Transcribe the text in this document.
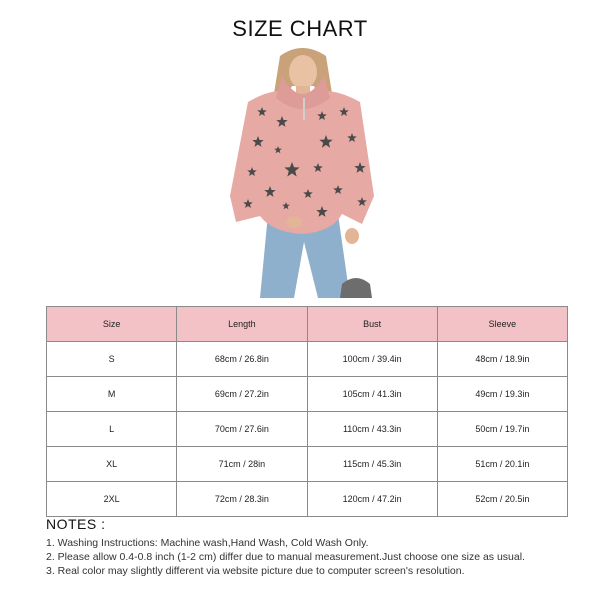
SIZE CHART
Size	Length	Bust	Sleeve
S	68cm / 26.8in	100cm / 39.4in	48cm / 18.9in
M	69cm / 27.2in	105cm / 41.3in	49cm / 19.3in
L	70cm / 27.6in	110cm / 43.3in	50cm / 19.7in
XL	71cm / 28in	115cm / 45.3in	51cm / 20.1in
2XL	72cm / 28.3in	120cm / 47.2in	52cm / 20.5in
NOTES :
1. Washing Instructions: Machine wash,Hand Wash, Cold Wash Only.
2. Please allow 0.4-0.8 inch (1-2 cm) differ due to manual measurement.Just choose one size as usual.
3. Real color may slightly different via website picture due to computer screen's resolution.
